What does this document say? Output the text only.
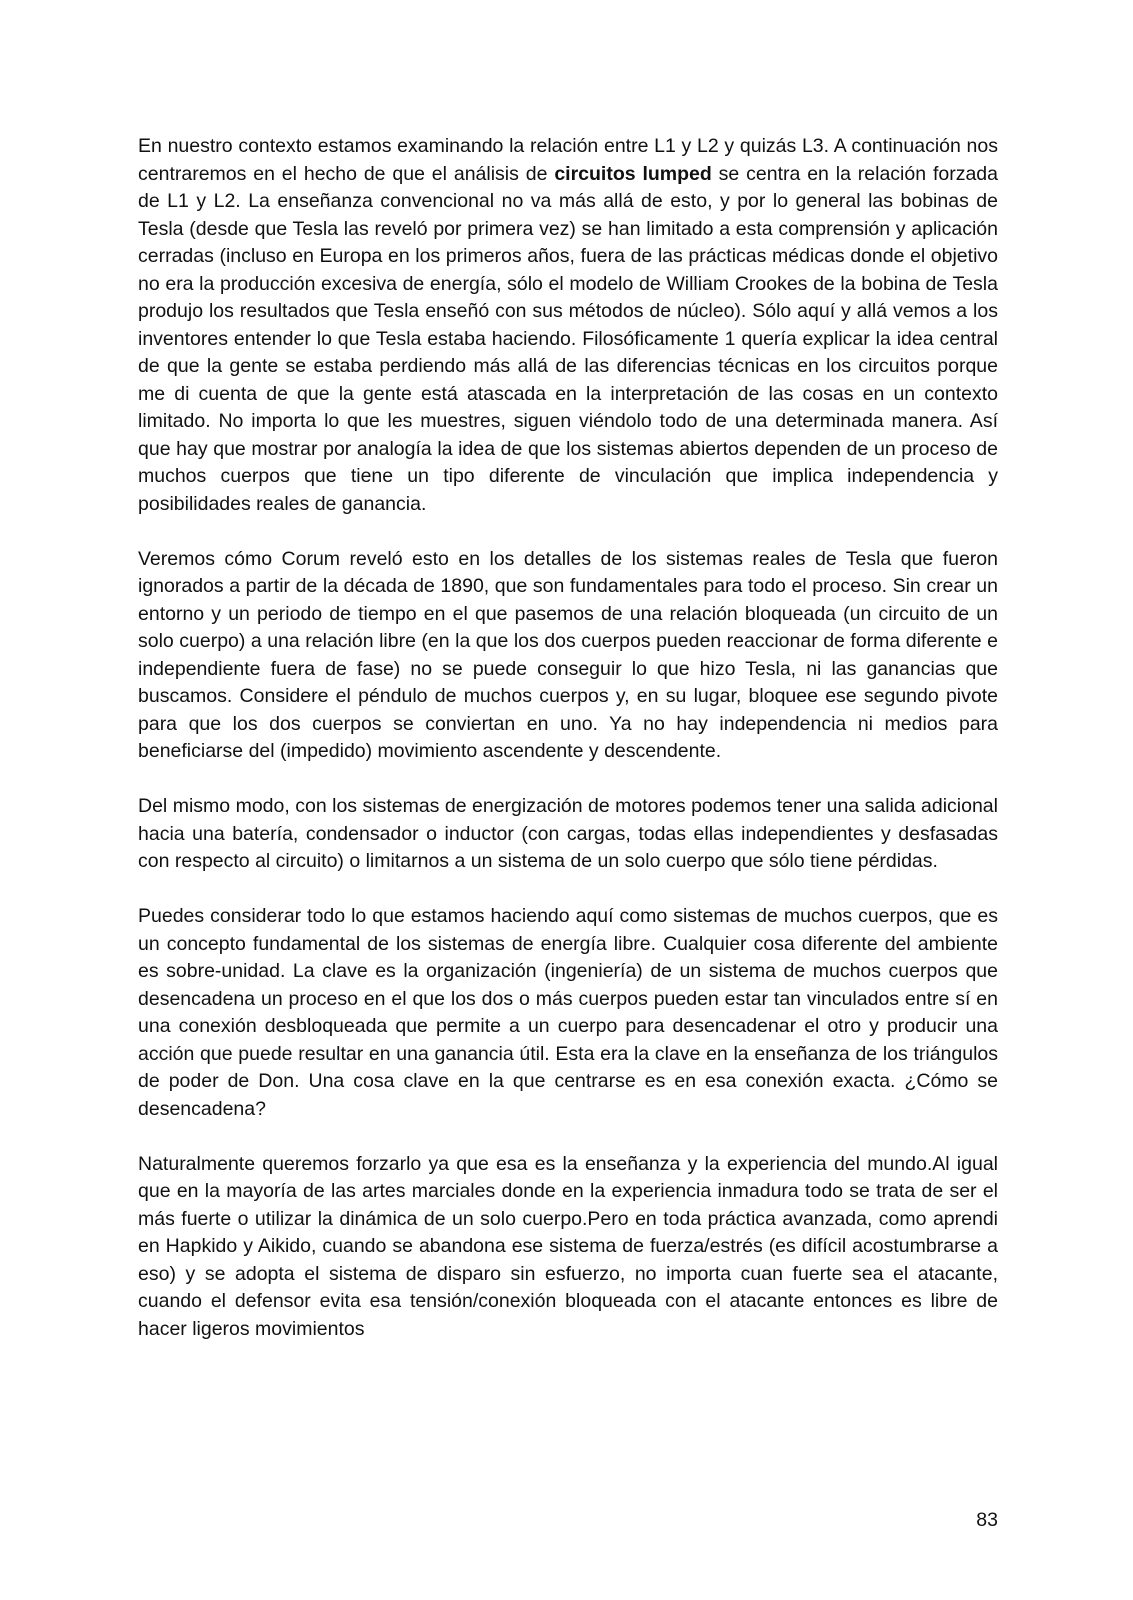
En nuestro contexto estamos examinando la relación entre L1 y L2 y quizás L3. A continuación nos centraremos en el hecho de que el análisis de circuitos lumped se centra en la relación forzada de L1 y L2. La enseñanza convencional no va más allá de esto, y por lo general las bobinas de Tesla (desde que Tesla las reveló por primera vez) se han limitado a esta comprensión y aplicación cerradas (incluso en Europa en los primeros años, fuera de las prácticas médicas donde el objetivo no era la producción excesiva de energía, sólo el modelo de William Crookes de la bobina de Tesla produjo los resultados que Tesla enseñó con sus métodos de núcleo). Sólo aquí y allá vemos a los inventores entender lo que Tesla estaba haciendo. Filosóficamente 1 quería explicar la idea central de que la gente se estaba perdiendo más allá de las diferencias técnicas en los circuitos porque me di cuenta de que la gente está atascada en la interpretación de las cosas en un contexto limitado. No importa lo que les muestres, siguen viéndolo todo de una determinada manera. Así que hay que mostrar por analogía la idea de que los sistemas abiertos dependen de un proceso de muchos cuerpos que tiene un tipo diferente de vinculación que implica independencia y posibilidades reales de ganancia.

Veremos cómo Corum reveló esto en los detalles de los sistemas reales de Tesla que fueron ignorados a partir de la década de 1890, que son fundamentales para todo el proceso. Sin crear un entorno y un periodo de tiempo en el que pasemos de una relación bloqueada (un circuito de un solo cuerpo) a una relación libre (en la que los dos cuerpos pueden reaccionar de forma diferente e independiente fuera de fase) no se puede conseguir lo que hizo Tesla, ni las ganancias que buscamos. Considere el péndulo de muchos cuerpos y, en su lugar, bloquee ese segundo pivote para que los dos cuerpos se conviertan en uno. Ya no hay independencia ni medios para beneficiarse del (impedido) movimiento ascendente y descendente.

Del mismo modo, con los sistemas de energización de motores podemos tener una salida adicional hacia una batería, condensador o inductor (con cargas, todas ellas independientes y desfasadas con respecto al circuito) o limitarnos a un sistema de un solo cuerpo que sólo tiene pérdidas.

Puedes considerar todo lo que estamos haciendo aquí como sistemas de muchos cuerpos, que es un concepto fundamental de los sistemas de energía libre. Cualquier cosa diferente del ambiente es sobre-unidad. La clave es la organización (ingeniería) de un sistema de muchos cuerpos que desencadena un proceso en el que los dos o más cuerpos pueden estar tan vinculados entre sí en una conexión desbloqueada que permite a un cuerpo para desencadenar el otro y producir una acción que puede resultar en una ganancia útil. Esta era la clave en la enseñanza de los triángulos de poder de Don. Una cosa clave en la que centrarse es en esa conexión exacta. ¿Cómo se desencadena?

Naturalmente queremos forzarlo ya que esa es la enseñanza y la experiencia del mundo.Al igual que en la mayoría de las artes marciales donde en la experiencia inmadura todo se trata de ser el más fuerte o utilizar la dinámica de un solo cuerpo.Pero en toda práctica avanzada, como aprendi en Hapkido y Aikido, cuando se abandona ese sistema de fuerza/estrés (es difícil acostumbrarse a eso) y se adopta el sistema de disparo sin esfuerzo, no importa cuan fuerte sea el atacante, cuando el defensor evita esa tensión/conexión bloqueada con el atacante entonces es libre de hacer ligeros movimientos

83
